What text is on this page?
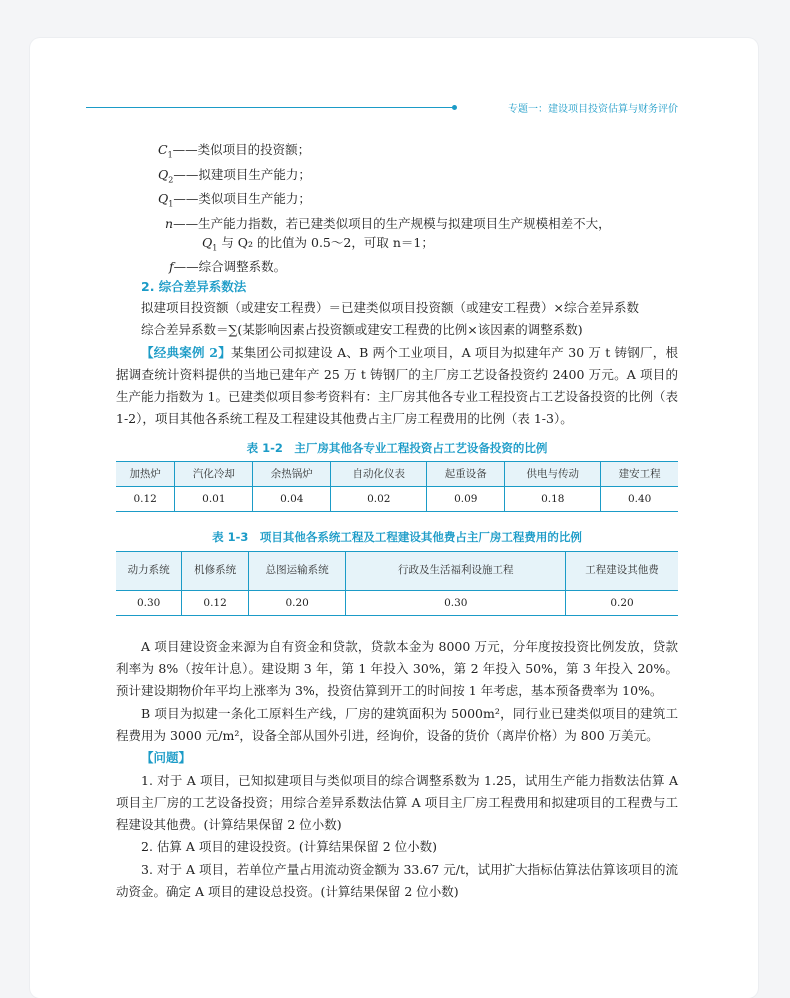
专题一：建设项目投资估算与财务评价
$C_1——$类似项目的投资额；
$Q_2——$拟建项目生产能力；
$Q_1——$类似项目生产能力；
n——生产能力指数，若已建类似项目的生产规模与拟建项目生产规模相差不大，
$Q_1$ 与 Q₂ 的比值为 0.5～2，可取 n＝1；
f——综合调整系数。
2. 综合差异系数法
拟建项目投资额（或建安工程费）＝已建类似项目投资额（或建安工程费）×综合差异系数
综合差异系数＝∑(某影响因素占投资额或建安工程费的比例×该因素的调整系数)
【经典案例 2】某集团公司拟建设 A、B 两个工业项目，A 项目为拟建年产 30 万 t 铸钢厂，根据调查统计资料提供的当地已建年产 25 万 t 铸钢厂的主厂房工艺设备投资约 2400 万元。A 项目的生产能力指数为 1。已建类似项目参考资料有：主厂房其他各专业工程投资占工艺设备投资的比例（表 1-2），项目其他各系统工程及工程建设其他费占主厂房工程费用的比例（表 1-3）。
表 1-2　主厂房其他各专业工程投资占工艺设备投资的比例
加热炉	汽化冷却	余热锅炉	自动化仪表	起重设备	供电与传动	建安工程
0.12	0.01	0.04	0.02	0.09	0.18	0.40
表 1-3　项目其他各系统工程及工程建设其他费占主厂房工程费用的比例
动力系统	机修系统	总图运输系统	行政及生活福利设施工程	工程建设其他费
0.30	0.12	0.20	0.30	0.20
A 项目建设资金来源为自有资金和贷款，贷款本金为 8000 万元，分年度按投资比例发放，贷款利率为 8%（按年计息）。建设期 3 年，第 1 年投入 30%，第 2 年投入 50%，第 3 年投入 20%。预计建设期物价年平均上涨率为 3%，投资估算到开工的时间按 1 年考虑，基本预备费率为 10%。
B 项目为拟建一条化工原料生产线，厂房的建筑面积为 5000m²，同行业已建类似项目的建筑工程费用为 3000 元/m²，设备全部从国外引进，经询价，设备的货价（离岸价格）为 800 万美元。
【问题】
1. 对于 A 项目，已知拟建项目与类似项目的综合调整系数为 1.25，试用生产能力指数法估算 A 项目主厂房的工艺设备投资；用综合差异系数法估算 A 项目主厂房工程费用和拟建项目的工程费与工程建设其他费。(计算结果保留 2 位小数)
2. 估算 A 项目的建设投资。(计算结果保留 2 位小数)
3. 对于 A 项目，若单位产量占用流动资金额为 33.67 元/t，试用扩大指标估算法估算该项目的流动资金。确定 A 项目的建设总投资。(计算结果保留 2 位小数)
